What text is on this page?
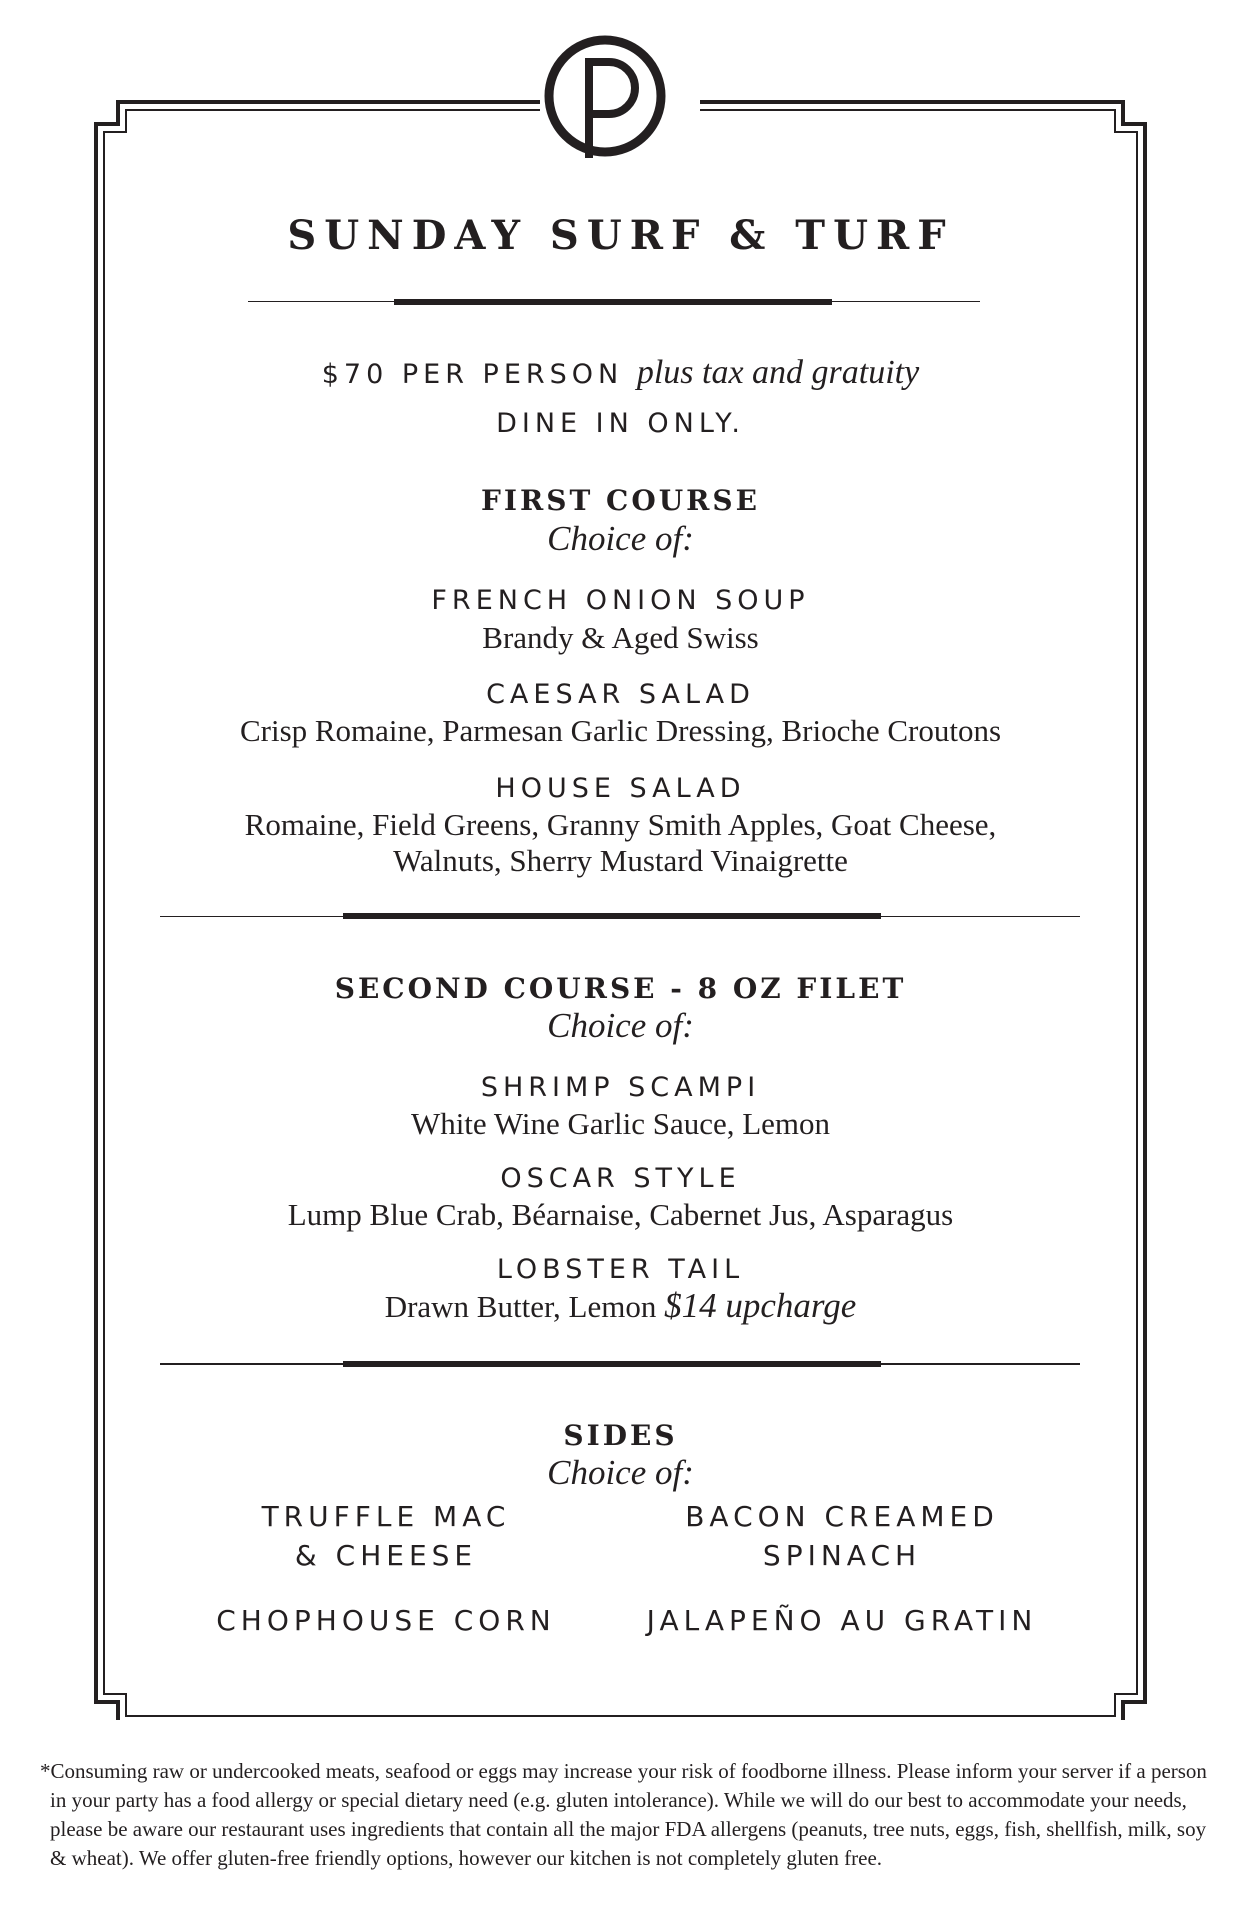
SUNDAY SURF & TURF
$70 PER PERSON plus tax and gratuity
DINE IN ONLY.
FIRST COURSE
Choice of:
FRENCH ONION SOUP
Brandy & Aged Swiss
CAESAR SALAD
Crisp Romaine, Parmesan Garlic Dressing, Brioche Croutons
HOUSE SALAD
Romaine, Field Greens, Granny Smith Apples, Goat Cheese,
Walnuts, Sherry Mustard Vinaigrette
SECOND COURSE - 8 OZ FILET
Choice of:
SHRIMP SCAMPI
White Wine Garlic Sauce, Lemon
OSCAR STYLE
Lump Blue Crab, Béarnaise, Cabernet Jus, Asparagus
LOBSTER TAIL
Drawn Butter, Lemon $14 upcharge
SIDES
Choice of:
TRUFFLE MAC
& CHEESE
BACON CREAMED
SPINACH
CHOPHOUSE CORN	JALAPEÑO AU GRATIN
*Consuming raw or undercooked meats, seafood or eggs may increase your risk of foodborne illness. Please inform your server if a person in your party has a food allergy or special dietary need (e.g. gluten intolerance). While we will do our best to accommodate your needs, please be aware our restaurant uses ingredients that contain all the major FDA allergens (peanuts, tree nuts, eggs, fish, shellfish, milk, soy & wheat). We offer gluten-free friendly options, however our kitchen is not completely gluten free.
